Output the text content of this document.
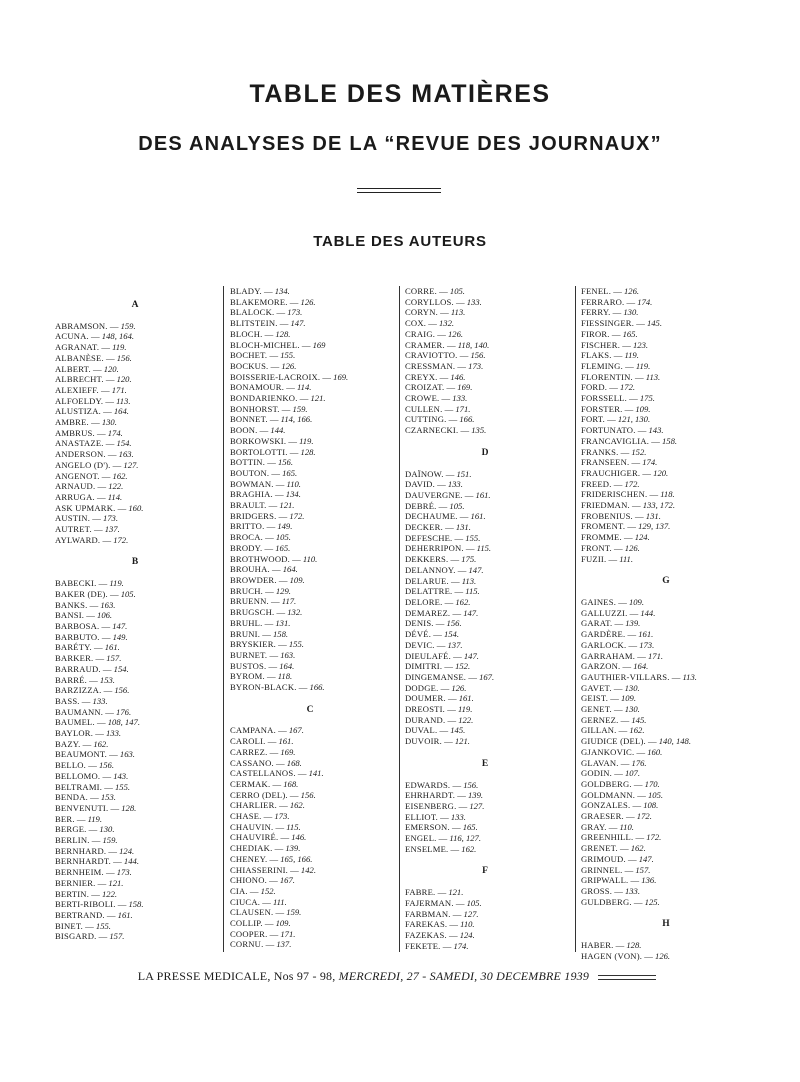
TABLE DES MATIÈRES
DES ANALYSES DE LA “REVUE DES JOURNAUX”
TABLE DES AUTEURS
A
ABRAMSON. — 159.
ACUNA. — 148, 164.
AGRANAT. — 119.
ALBANÈSE. — 156.
ALBERT. — 120.
ALBRECHT. — 120.
ALEXIEFF. — 171.
ALFOELDY. — 113.
ALUSTIZA. — 164.
AMBRE. — 130.
AMBRUS. — 174.
ANASTAZE. — 154.
ANDERSON. — 163.
ANGELO (D'). — 127.
ANGENOT. — 162.
ARNAUD. — 122.
ARRUGA. — 114.
ASK UPMARK. — 160.
AUSTIN. — 173.
AUTRET. — 137.
AYLWARD. — 172.
B
BABECKI. — 119.
BAKER (DE). — 105.
BANKS. — 163.
BANSI. — 106.
BARBOSA. — 147.
BARBUTO. — 149.
BARÉTY. — 161.
BARKER. — 157.
BARRAUD. — 154.
BARRÉ. — 153.
BARZIZZA. — 156.
BASS. — 133.
BAUMANN. — 176.
BAUMEL. — 108, 147.
BAYLOR. — 133.
BAZY. — 162.
BEAUMONT. — 163.
BELLO. — 156.
BELLOMO. — 143.
BELTRAMI. — 155.
BENDA. — 153.
BENVENUTI. — 128.
BER. — 119.
BERGE. — 130.
BERLIN. — 159.
BERNHARD. — 124.
BERNHARDT. — 144.
BERNHEIM. — 173.
BERNIER. — 121.
BERTIN. — 122.
BERTI-RIBOLI. — 158.
BERTRAND. — 161.
BINET. — 155.
BISGARD. — 157.
BLADY. — 134.
BLAKEMORE. — 126.
BLALOCK. — 173.
BLITSTEIN. — 147.
BLOCH. — 128.
BLOCH-MICHEL. — 169
BOCHET. — 155.
BOCKUS. — 126.
BOISSERIE-LACROIX. — 169.
BONAMOUR. — 114.
BONDARIENKO. — 121.
BONHORST. — 159.
BONNET. — 114, 166.
BOON. — 144.
BORKOWSKI. — 119.
BORTOLOTTI. — 128.
BOTTIN. — 156.
BOUTON. — 165.
BOWMAN. — 110.
BRAGHIA. — 134.
BRAULT. — 121.
BRIDGERS. — 172.
BRITTO. — 149.
BROCA. — 105.
BRODY. — 165.
BROTHWOOD. — 110.
BROUHA. — 164.
BROWDER. — 109.
BRUCH. — 129.
BRUENN. — 117.
BRUGSCH. — 132.
BRUHL. — 131.
BRUNI. — 158.
BRYSKIER. — 155.
BURNET. — 163.
BUSTOS. — 164.
BYROM. — 118.
BYRON-BLACK. — 166.
C
CAMPANA. — 167.
CAROLI. — 161.
CARREZ. — 169.
CASSANO. — 168.
CASTELLANOS. — 141.
CERMAK. — 168.
CERRO (DEL). — 156.
CHARLIER. — 162.
CHASE. — 173.
CHAUVIN. — 115.
CHAUVIRÉ. — 146.
CHEDIAK. — 139.
CHENEY. — 165, 166.
CHIASSERINI. — 142.
CHIONO. — 167.
CIA. — 152.
CIUCA. — 111.
CLAUSEN. — 159.
COLLIP. — 109.
COOPER. — 171.
CORNU. — 137.
CORRE. — 105.
CORYLLOS. — 133.
CORYN. — 113.
COX. — 132.
CRAIG. — 126.
CRAMER. — 118, 140.
CRAVIOTTO. — 156.
CRESSMAN. — 173.
CREYX. — 146.
CROIZAT. — 169.
CROWE. — 133.
CULLEN. — 171.
CUTTING. — 166.
CZARNECKI. — 135.
D
DAÏNOW. — 151.
DAVID. — 133.
DAUVERGNE. — 161.
DEBRÉ. — 105.
DECHAUME. — 161.
DECKER. — 131.
DEFESCHE. — 155.
DEHERRIPON. — 115.
DEKKERS. — 175.
DELANNOY. — 147.
DELARUE. — 113.
DELATTRE. — 115.
DELORE. — 162.
DEMAREZ. — 147.
DENIS. — 156.
DÉVÉ. — 154.
DEVIC. — 137.
DIEULAFÉ. — 147.
DIMITRI. — 152.
DINGEMANSE. — 167.
DODGE. — 126.
DOUMER. — 161.
DREOSTI. — 119.
DURAND. — 122.
DUVAL. — 145.
DUVOIR. — 121.
E
EDWARDS. — 156.
EHRHARDT. — 139.
EISENBERG. — 127.
ELLIOT. — 133.
EMERSON. — 165.
ENGEL. — 116, 127.
ENSELME. — 162.
F
FABRE. — 121.
FAJERMAN. — 105.
FARBMAN. — 127.
FAREKAS. — 110.
FAZEKAS. — 124.
FEKETE. — 174.
FENEL. — 126.
FERRARO. — 174.
FERRY. — 130.
FIESSINGER. — 145.
FIROR. — 165.
FISCHER. — 123.
FLAKS. — 119.
FLEMING. — 119.
FLORENTIN. — 113.
FORD. — 172.
FORSSELL. — 175.
FORSTER. — 109.
FORT. — 121, 130.
FORTUNATO. — 143.
FRANCAVIGLIA. — 158.
FRANKS. — 152.
FRANSEEN. — 174.
FRAUCHIGER. — 120.
FREED. — 172.
FRIDERISCHEN. — 118.
FRIEDMAN. — 133, 172.
FROBENIUS. — 131.
FROMENT. — 129, 137.
FROMME. — 124.
FRONT. — 126.
FUZII. — 111.
G
GAINES. — 109.
GALLUZZI. — 144.
GARAT. — 139.
GARDÈRE. — 161.
GARLOCK. — 173.
GARRAHAM. — 171.
GARZON. — 164.
GAUTHIER-VILLARS. — 113.
GAVET. — 130.
GEIST. — 109.
GENET. — 130.
GERNEZ. — 145.
GILLAN. — 162.
GIUDICE (DEL). — 140, 148.
GJANKOVIC. — 160.
GLAVAN. — 176.
GODIN. — 107.
GOLDBERG. — 170.
GOLDMANN. — 105.
GONZALES. — 108.
GRAESER. — 172.
GRAY. — 110.
GREENHILL. — 172.
GRENET. — 162.
GRIMOUD. — 147.
GRINNEL. — 157.
GRIPWALL. — 136.
GROSS. — 133.
GULDBERG. — 125.
H
HABER. — 128.
HAGEN (VON). — 126.
LA PRESSE MEDICALE, Nos 97 - 98, MERCREDI, 27 - SAMEDI, 30 DECEMBRE 1939
